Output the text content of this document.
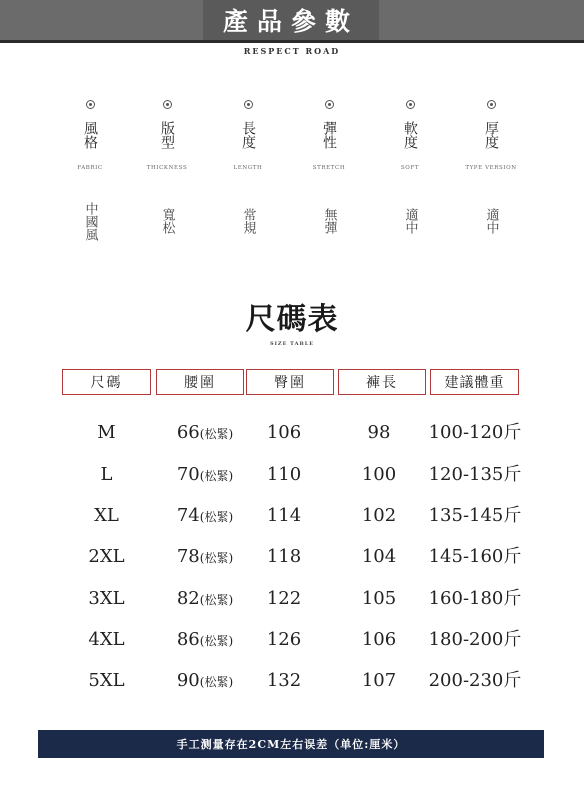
產品參數
RESPECT ROAD
風格
FABRIC
中國風
版型
THICKNESS
寬松
長度
LENGTH
常規
彈性
STRETCH
無彈
軟度
SOFT
適中
厚度
TYPE VERSION
適中
尺碼表
SIZE TABLE
尺碼	腰圍	臀圍	褲長	建議體重
M	66(松緊)	106	98	100-120斤
L	70(松緊)	110	100	120-135斤
XL	74(松緊)	114	102	135-145斤
2XL	78(松緊)	118	104	145-160斤
3XL	82(松緊)	122	105	160-180斤
4XL	86(松緊)	126	106	180-200斤
5XL	90(松緊)	132	107	200-230斤
手工测量存在2CM左右误差（单位:厘米）
